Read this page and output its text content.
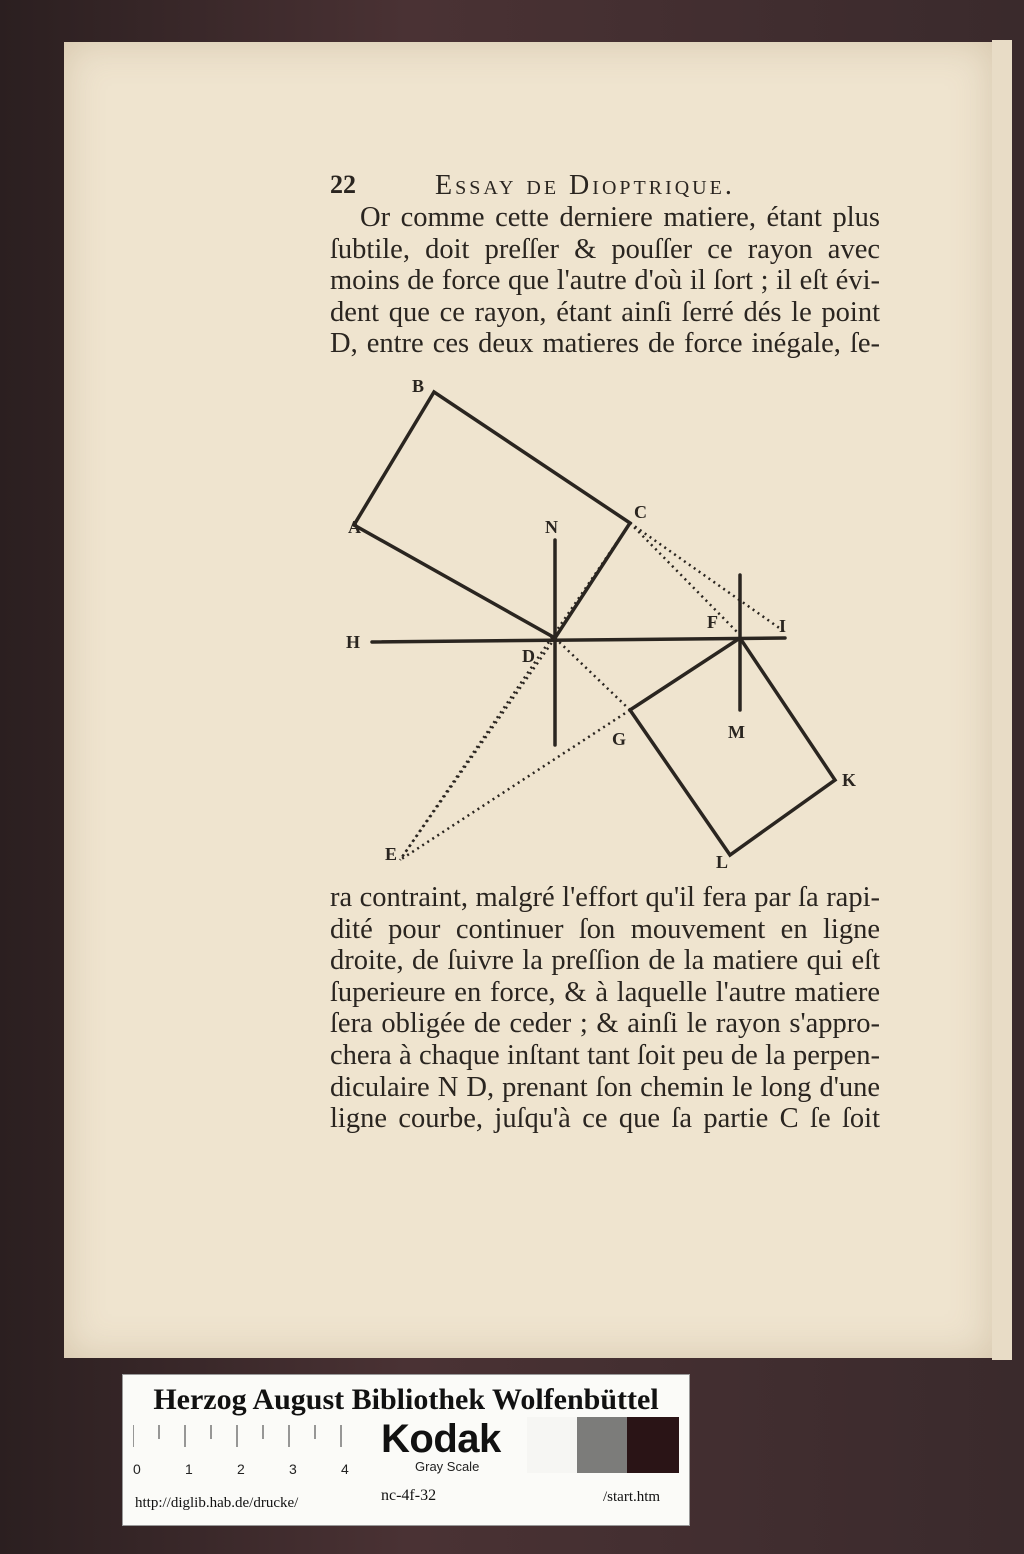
22	Essay de Dioptrique.
Or comme cette derniere matiere, étant plus
ſubtile, doit preſſer & pouſſer ce rayon avec
moins de force que l'autre d'où il ſort ; il eſt évi-
dent que ce rayon, étant ainſi ſerré dés le point
D, entre ces deux matieres de force inégale, ſe-
B
A	N
C
H
D
F	I
G	M
K
E	L
ra contraint, malgré l'effort qu'il fera par ſa rapi-
dité pour continuer ſon mouvement en ligne
droite, de ſuivre la preſſion de la matiere qui eſt
ſuperieure en force, & à laquelle l'autre matiere
ſera obligée de ceder ; & ainſi le rayon s'appro-
chera à chaque inſtant tant ſoit peu de la perpen-
diculaire N D, prenant ſon chemin le long d'une
ligne courbe, juſqu'à ce que ſa partie C ſe ſoit
Herzog August Bibliothek Wolfenbüttel
0	1	2	3	4
Kodak
Gray Scale
http://diglib.hab.de/drucke/	nc-4f-32	/start.htm
